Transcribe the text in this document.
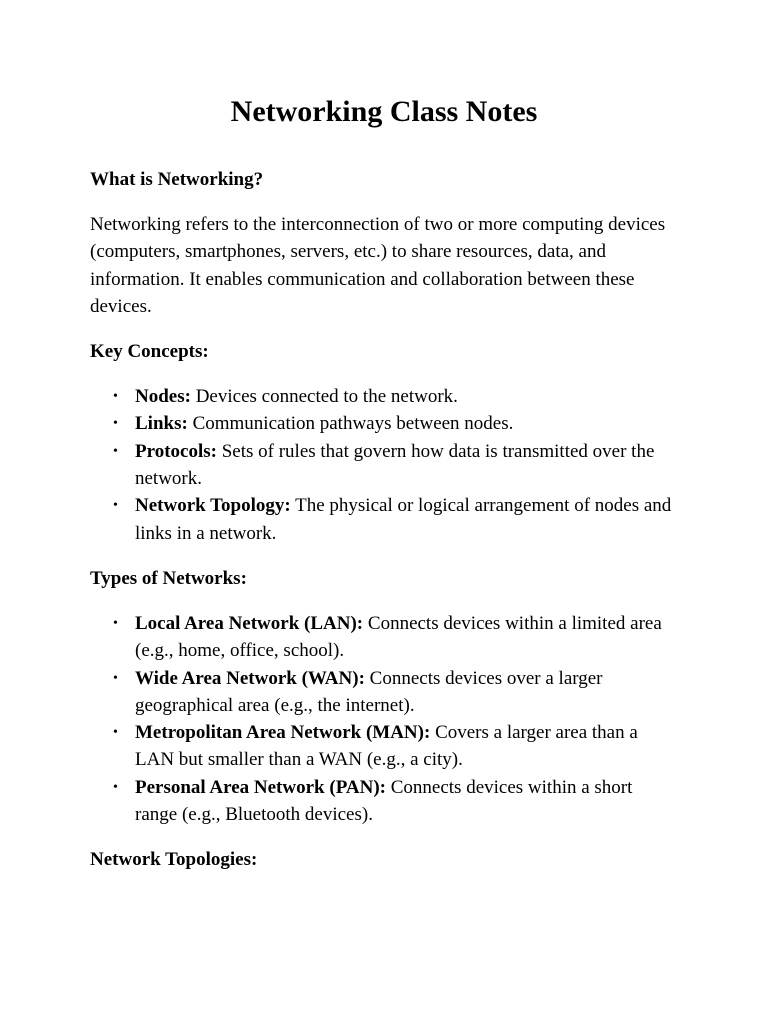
Networking Class Notes
What is Networking?

Networking refers to the interconnection of two or more computing devices (computers, smartphones, servers, etc.) to share resources, data, and information. It enables communication and collaboration between these devices.

Key Concepts:
• Nodes: Devices connected to the network.
• Links: Communication pathways between nodes.
• Protocols: Sets of rules that govern how data is transmitted over the network.
• Network Topology: The physical or logical arrangement of nodes and links in a network.
Types of Networks:
• Local Area Network (LAN): Connects devices within a limited area (e.g., home, office, school).
• Wide Area Network (WAN): Connects devices over a larger geographical area (e.g., the internet).
• Metropolitan Area Network (MAN): Covers a larger area than a LAN but smaller than a WAN (e.g., a city).
• Personal Area Network (PAN): Connects devices within a short range (e.g., Bluetooth devices).
Network Topologies:
